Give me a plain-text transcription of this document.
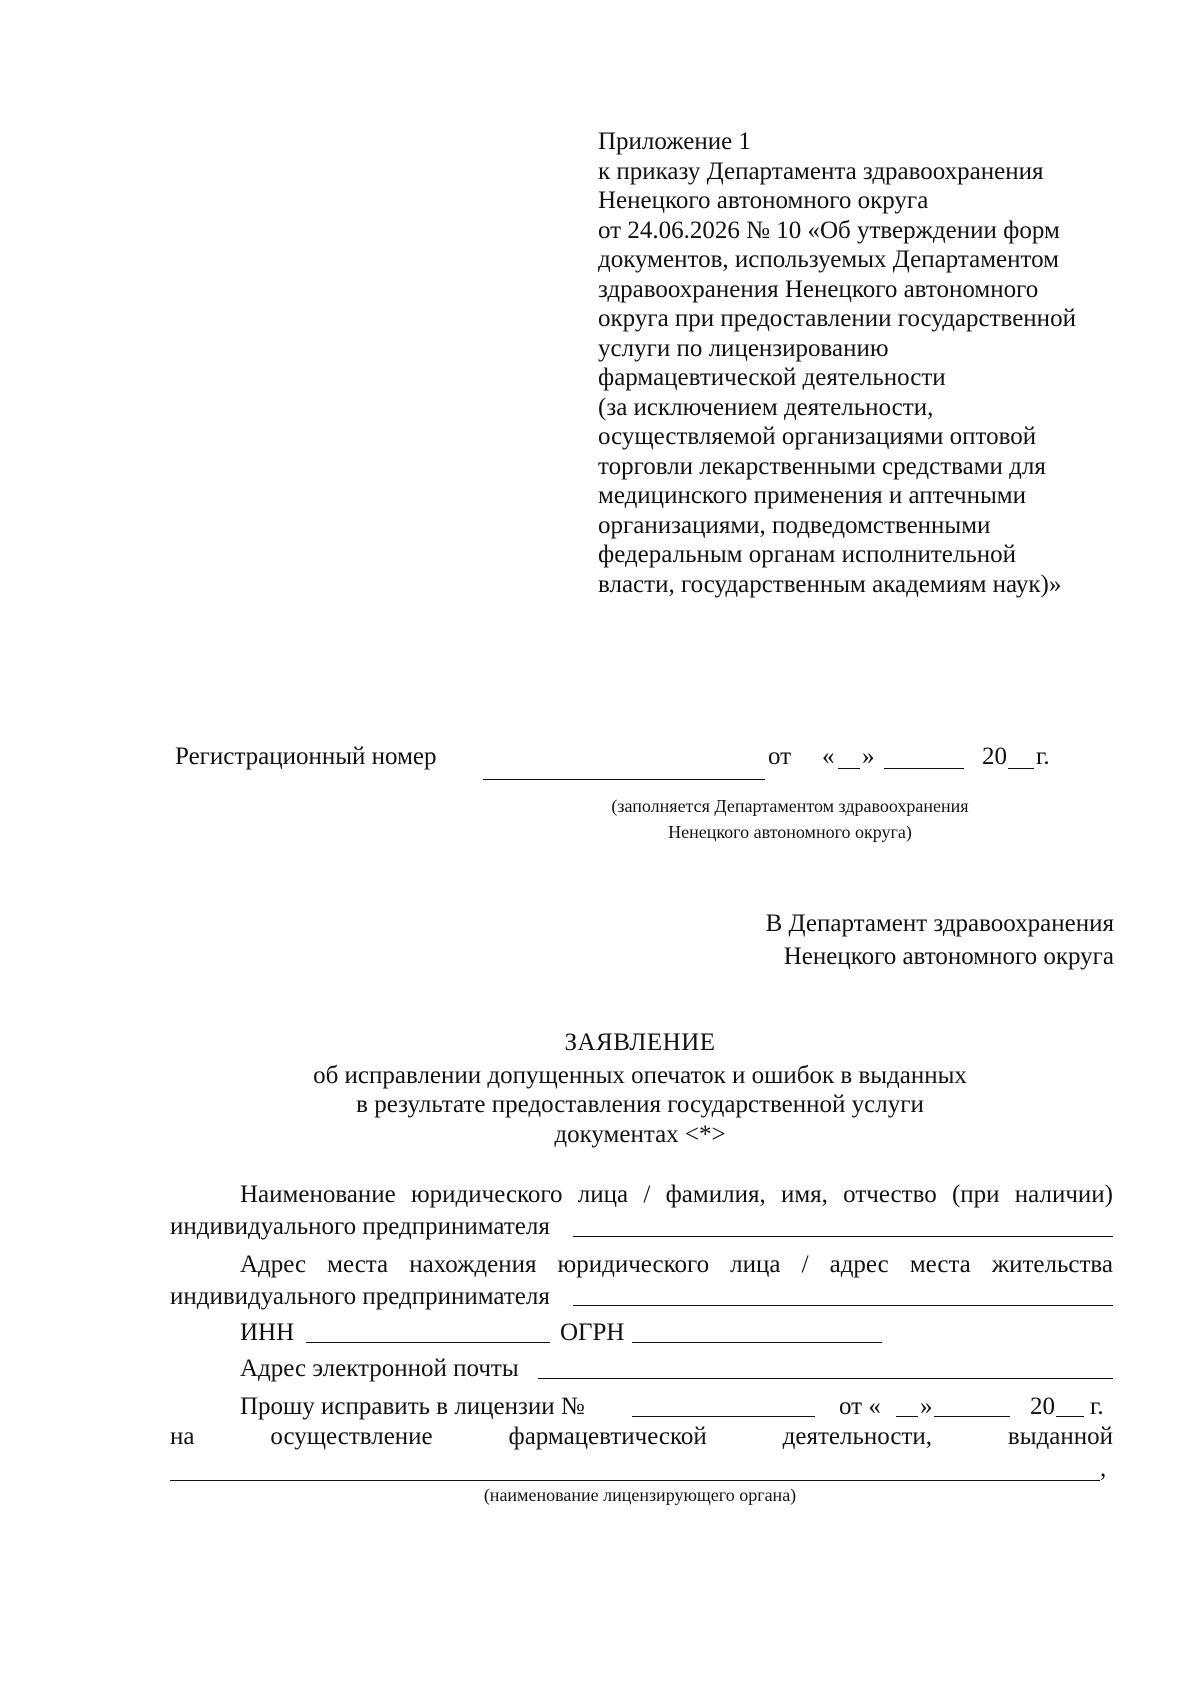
Приложение 1
к приказу Департамента здравоохранения
Ненецкого автономного округа
от 24.06.2026 № 10 «Об утверждении форм
документов, используемых Департаментом
здравоохранения Ненецкого автономного
округа при предоставлении государственной
услуги по лицензированию
фармацевтической деятельности
(за исключением деятельности,
осуществляемой организациями оптовой
торговли лекарственными средствами для
медицинского применения и аптечными
организациями, подведомственными
федеральным органам исполнительной
власти, государственным академиям наук)»
Регистрационный номер	от « »	20 г.
(заполняется Департаментом здравоохранения
Ненецкого автономного округа)
В Департамент здравоохранения
Ненецкого автономного округа
ЗАЯВЛЕНИЕ
об исправлении допущенных опечаток и ошибок в выданных
в результате предоставления государственной услуги
документах <*>
Наименование юридического лица / фамилия, имя, отчество (при наличии)
индивидуального предпринимателя
Адрес места нахождения юридического лица / адрес места жительства
индивидуального предпринимателя
ИНН	ОГРН
Адрес электронной почты
Прошу исправить в лицензии №	от « »	20 г.
на	осуществление	фармацевтической	деятельности,	выданной
,
(наименование лицензирующего органа)
